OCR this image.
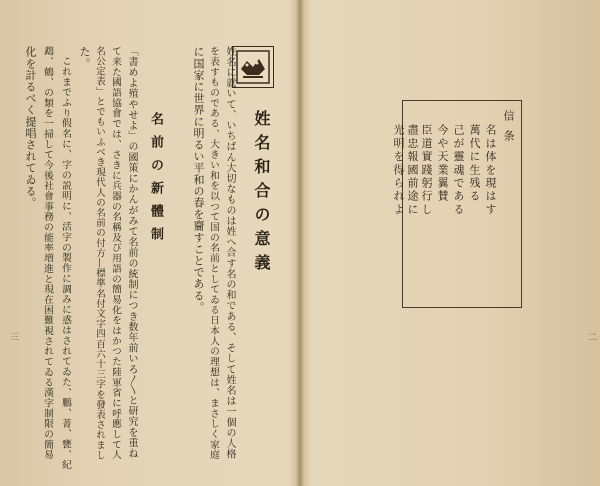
信条
名は体を現はす
萬代に生残る
己が靈魂である
今や天業翼賛
臣道實踐躬行し
盡忠報國前途に
光明を得られよ
二
姓名和合の意義
姓名に就いて、いちばん大切なものは姓へ合す名の和である、そして姓名は一個の人格
を表すものである、大きい和を以つて国の名前としてゐる日本人の理想は、まさしく家庭
に国家に世界に明るい平和の春を齎すことである。
名前の新體制
「書めよ殖やせよ」の國策にかんがみて名前の統制につき数年前いろ〳〵と研究を重ね
て来た國語協會では、さきに兵器の名稱及び用語の簡易化をはかつた陸軍省に呼應して人
名公定表」とでもいふべき現代人の名前の付方―標準名付文字四百六十三字を發表されまし
た。
これまでふり假名に、字の説明に、活字の製作に調みに惑はされてゐた、鵬、菁、甕、紀
鵡、鶴、の類を一掃して今後社會事務の能率増進と現在困難視されてゐる漢字制限の簡易
化を計るべく提唱されてゐる。
三
